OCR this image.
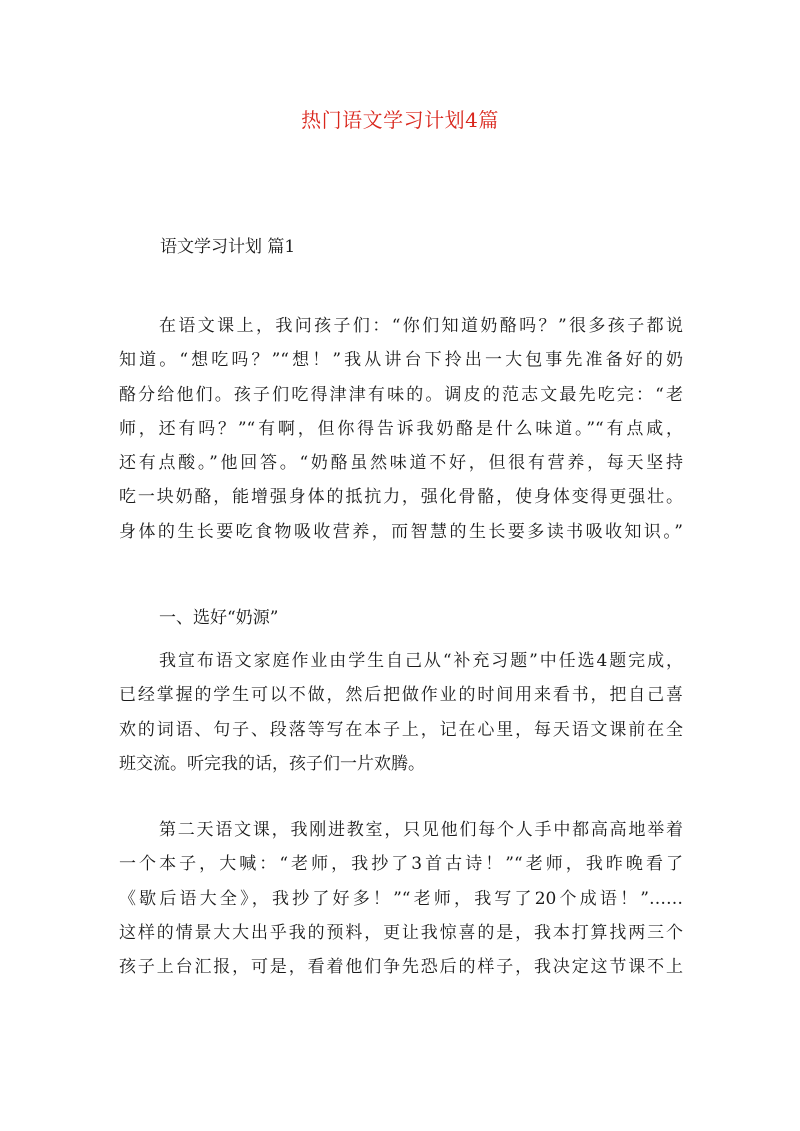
热门语文学习计划4篇
语文学习计划 篇1
在语文课上，我问孩子们：“你们知道奶酪吗？”很多孩子都说
知道。“想吃吗？”“想！”我从讲台下拎出一大包事先准备好的奶
酪分给他们。孩子们吃得津津有味的。调皮的范志文最先吃完：“老
师，还有吗？”“有啊，但你得告诉我奶酪是什么味道。”“有点咸，
还有点酸。”他回答。“奶酪虽然味道不好，但很有营养，每天坚持
吃一块奶酪，能增强身体的抵抗力，强化骨骼，使身体变得更强壮。
身体的生长要吃食物吸收营养，而智慧的生长要多读书吸收知识。”
一、选好“奶源”
我宣布语文家庭作业由学生自己从“补充习题”中任选4题完成，
已经掌握的学生可以不做，然后把做作业的时间用来看书，把自己喜
欢的词语、句子、段落等写在本子上，记在心里，每天语文课前在全
班交流。听完我的话，孩子们一片欢腾。
第二天语文课，我刚进教室，只见他们每个人手中都高高地举着
一个本子，大喊：“老师，我抄了3首古诗！”“老师，我昨晚看了
《歇后语大全》，我抄了好多！”“老师，我写了20个成语！”……
这样的情景大大出乎我的预料，更让我惊喜的是，我本打算找两三个
孩子上台汇报，可是，看着他们争先恐后的样子，我决定这节课不上
